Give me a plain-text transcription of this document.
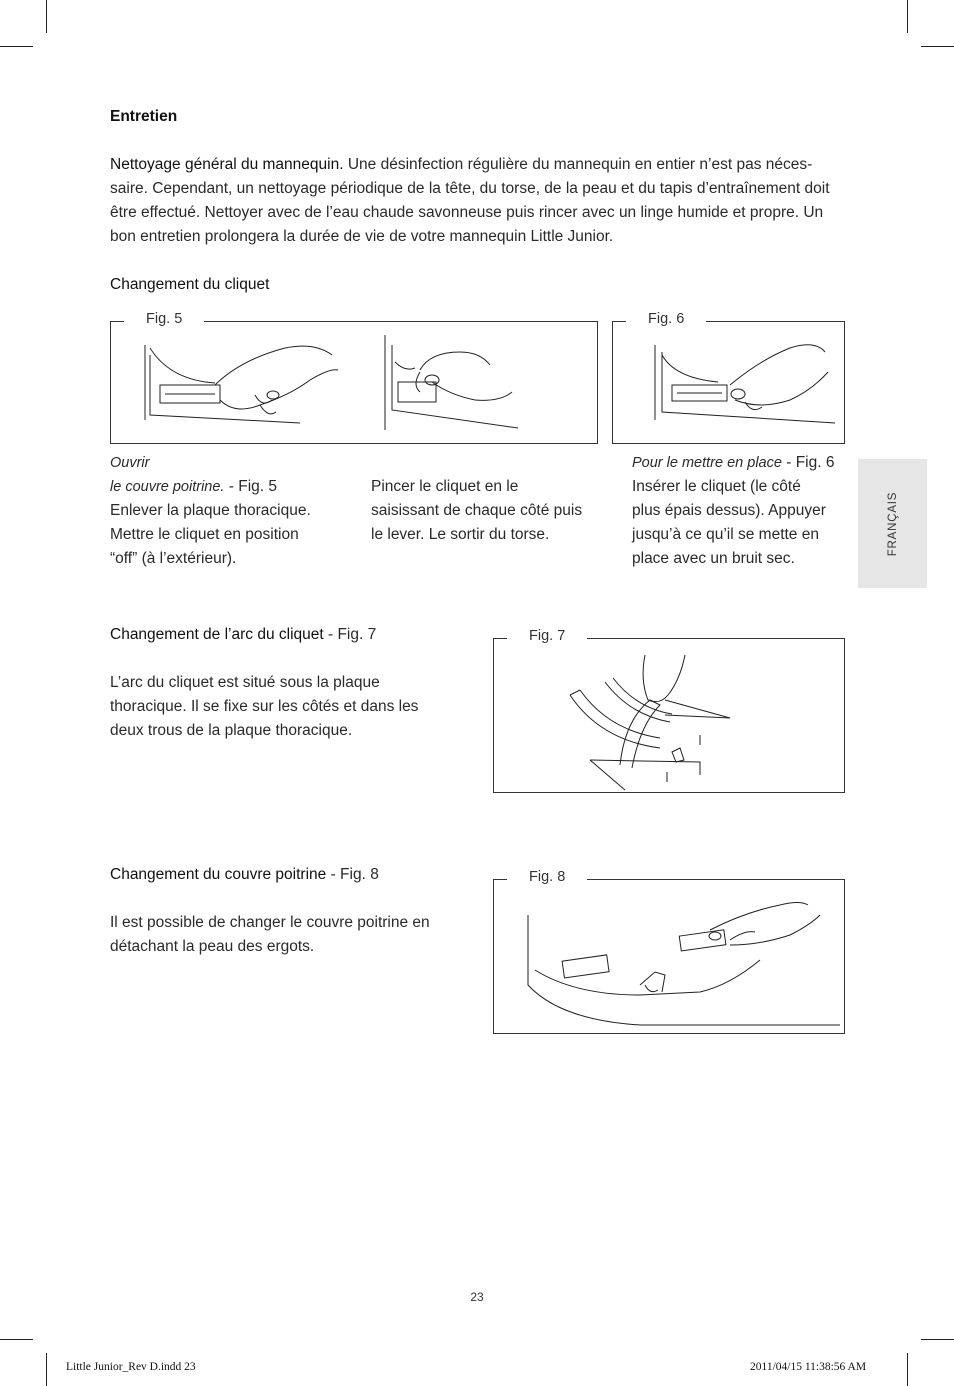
Entretien
Nettoyage général du mannequin. Une désinfection régulière du mannequin en entier n’est pas néces-
saire. Cependant, un nettoyage périodique de la tête, du torse, de la peau et du tapis d’entraînement doit
être effectué. Nettoyer avec de l’eau chaude savonneuse puis rincer avec un linge humide et propre. Un
bon entretien prolongera la durée de vie de votre mannequin Little Junior.
Changement du cliquet
Fig. 5	Fig. 6
Fig. 7
Fig. 8
Ouvrir
le couvre poitrine. - Fig. 5
Enlever la plaque thoracique.
Mettre le cliquet en position
“off” (à l’extérieur).
Pincer le cliquet en le
saisissant de chaque côté puis
le lever. Le sortir du torse.
Pour le mettre en place - Fig. 6
Insérer le cliquet (le côté
plus épais dessus). Appuyer
jusqu’à ce qu’il se mette en
place avec un bruit sec.
FRANÇAIS
Changement de l’arc du cliquet - Fig. 7
L’arc du cliquet est situé sous la plaque
thoracique. Il se fixe sur les côtés et dans les
deux trous de la plaque thoracique.
Changement du couvre poitrine - Fig. 8
Il est possible de changer le couvre poitrine en
détachant la peau des ergots.
23
Little Junior_Rev D.indd 23	2011/04/15 11:38:56 AM
